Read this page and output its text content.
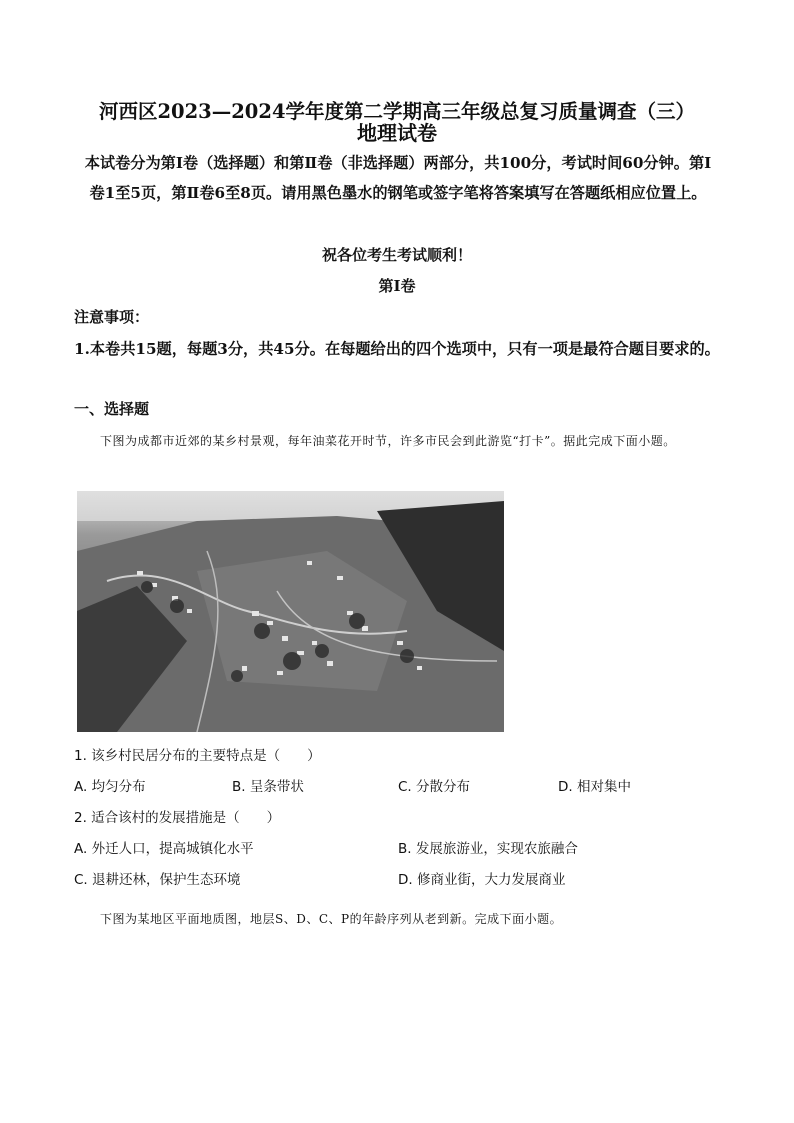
河西区2023—2024学年度第二学期高三年级总复习质量调查（三）
地理试卷
本试卷分为第Ⅰ卷（选择题）和第Ⅱ卷（非选择题）两部分，共100分，考试时间60分钟。第Ⅰ卷1至5页，第Ⅱ卷6至8页。请用黑色墨水的钢笔或签字笔将答案填写在答题纸相应位置上。
祝各位考生考试顺利！
第Ⅰ卷
注意事项：
1.本卷共15题，每题3分，共45分。在每题给出的四个选项中，只有一项是最符合题目要求的。
一、选择题
下图为成都市近郊的某乡村景观，每年油菜花开时节，许多市民会到此游览“打卡”。据此完成下面小题。
1. 该乡村民居分布的主要特点是（　　）
A. 均匀分布	B. 呈条带状	C. 分散分布	D. 相对集中
2. 适合该村的发展措施是（　　）
A. 外迁人口，提高城镇化水平	B. 发展旅游业，实现农旅融合
C. 退耕还林，保护生态环境	D. 修商业街，大力发展商业
下图为某地区平面地质图，地层S、D、C、P的年龄序列从老到新。完成下面小题。
